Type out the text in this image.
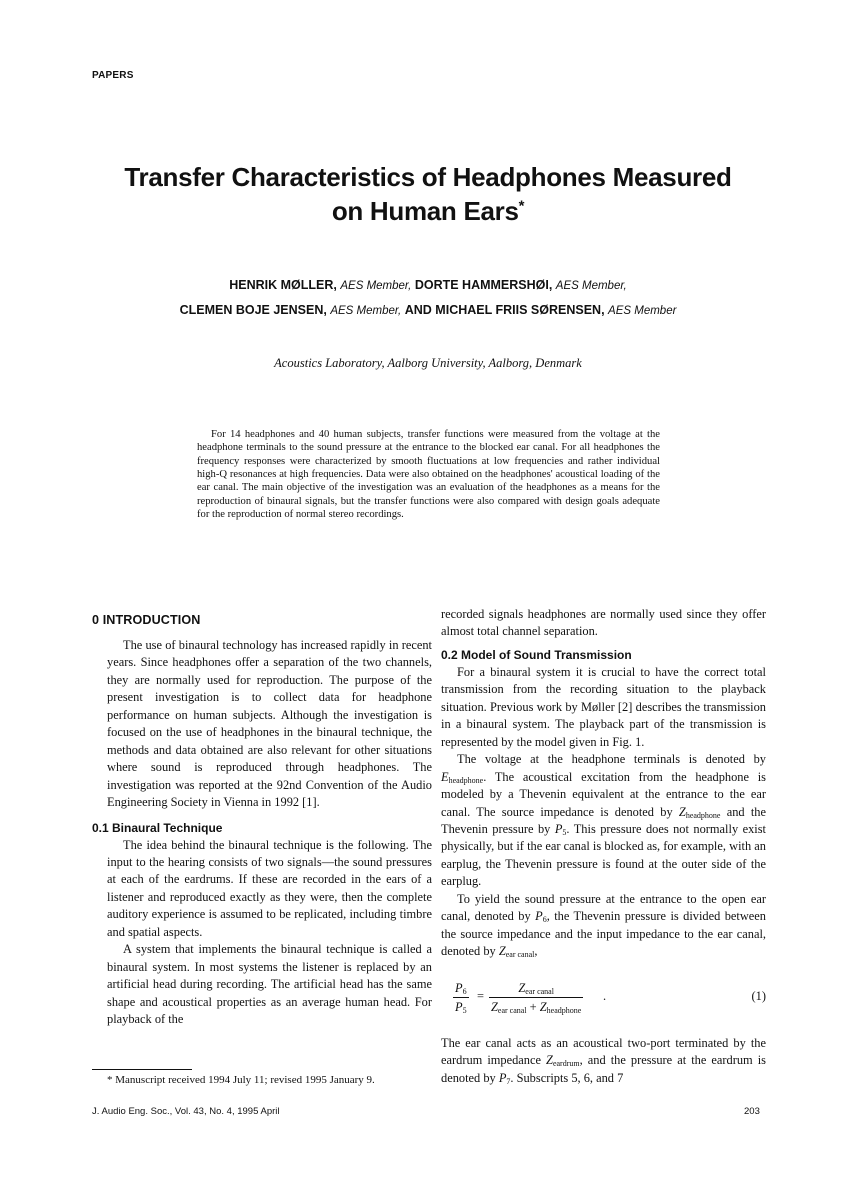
PAPERS
Transfer Characteristics of Headphones Measured
on Human Ears*
HENRIK MØLLER, AES Member, DORTE HAMMERSHØI, AES Member,
CLEMEN BOJE JENSEN, AES Member, AND MICHAEL FRIIS SØRENSEN, AES Member
Acoustics Laboratory, Aalborg University, Aalborg, Denmark
For 14 headphones and 40 human subjects, transfer functions were measured from the voltage at the headphone terminals to the sound pressure at the entrance to the blocked ear canal. For all headphones the frequency responses were characterized by smooth fluctuations at low frequencies and rather individual high-Q resonances at high frequencies. Data were also obtained on the headphones' acoustical loading of the ear canal. The main objective of the investigation was an evaluation of the headphones as a means for the reproduction of binaural signals, but the transfer functions were also compared with design goals adequate for the reproduction of normal stereo recordings.
0 INTRODUCTION

The use of binaural technology has increased rapidly in recent years. Since headphones offer a separation of the two channels, they are normally used for reproduction. The purpose of the present investigation is to collect data for headphone performance on human subjects. Although the investigation is focused on the use of headphones in the binaural technique, the methods and data obtained are also relevant for other situations where sound is reproduced through headphones. The investigation was reported at the 92nd Convention of the Audio Engineering Society in Vienna in 1992 [1].

0.1 Binaural Technique

The idea behind the binaural technique is the following. The input to the hearing consists of two signals—the sound pressures at each of the eardrums. If these are recorded in the ears of a listener and reproduced exactly as they were, then the complete auditory experience is assumed to be replicated, including timbre and spatial aspects.

A system that implements the binaural technique is called a binaural system. In most systems the listener is replaced by an artificial head during recording. The artificial head has the same shape and acoustical properties as an average human head. For playback of the

recorded signals headphones are normally used since they offer almost total channel separation.

0.2 Model of Sound Transmission

For a binaural system it is crucial to have the correct total transmission from the recording situation to the playback situation. Previous work by Møller [2] describes the transmission in a binaural system. The playback part of the transmission is represented by the model given in Fig. 1.

The voltage at the headphone terminals is denoted by $E_{headphone}$. The acoustical excitation from the headphone is modeled by a Thevenin equivalent at the entrance to the ear canal. The source impedance is denoted by $Z_{headphone}$ and the Thevenin pressure by $P_5$. This pressure does not normally exist physically, but if the ear canal is blocked as, for example, with an earplug, the Thevenin pressure is found at the outer side of the earplug.

To yield the sound pressure at the entrance to the open ear canal, denoted by $P_6$, the Thevenin pressure is divided between the source impedance and the input impedance to the ear canal, denoted by $Z_{ear canal}$,

$\frac{P_6}{P_5}$ =
$Z_{ear canal}$
$Z_{ear canal} + Z_{headphone}$
.	(1)

The ear canal acts as an acoustical two-port terminated by the eardrum impedance $Z_{eardrum}$, and the pressure at the eardrum is denoted by $P_7$. Subscripts 5, 6, and 7

* Manuscript received 1994 July 11; revised 1995 January 9.
J. Audio Eng. Soc., Vol. 43, No. 4, 1995 April	203
